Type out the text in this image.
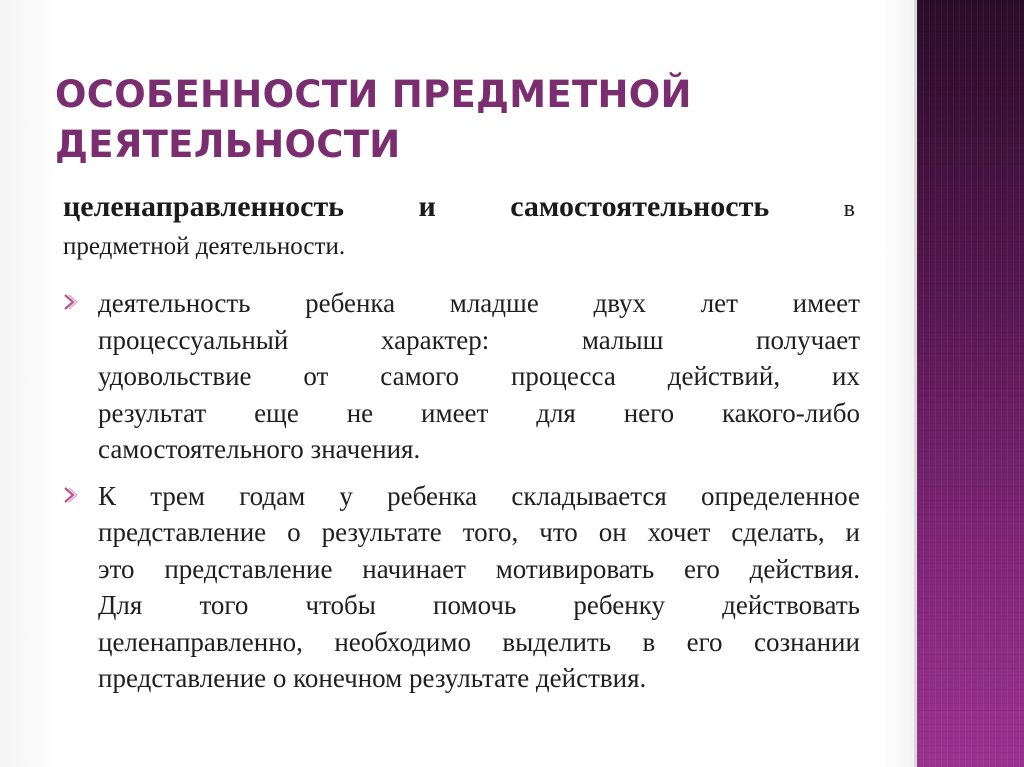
ОСОБЕННОСТИ ПРЕДМЕТНОЙ
ДЕЯТЕЛЬНОСТИ
целенаправленность и самостоятельность	в
предметной деятельности.
деятельность ребенка младше двух лет имеет
процессуальный	характер:	малыш	получает
удовольствие от самого процесса действий, их
результат еще не имеет для него какого-либо
самостоятельного значения.
К трем годам у ребенка складывается определенное
представление о результате того, что он хочет сделать, и
это представление начинает мотивировать его действия.
Для того чтобы помочь ребенку действовать
целенаправленно, необходимо выделить в его сознании
представление о конечном результате действия.
